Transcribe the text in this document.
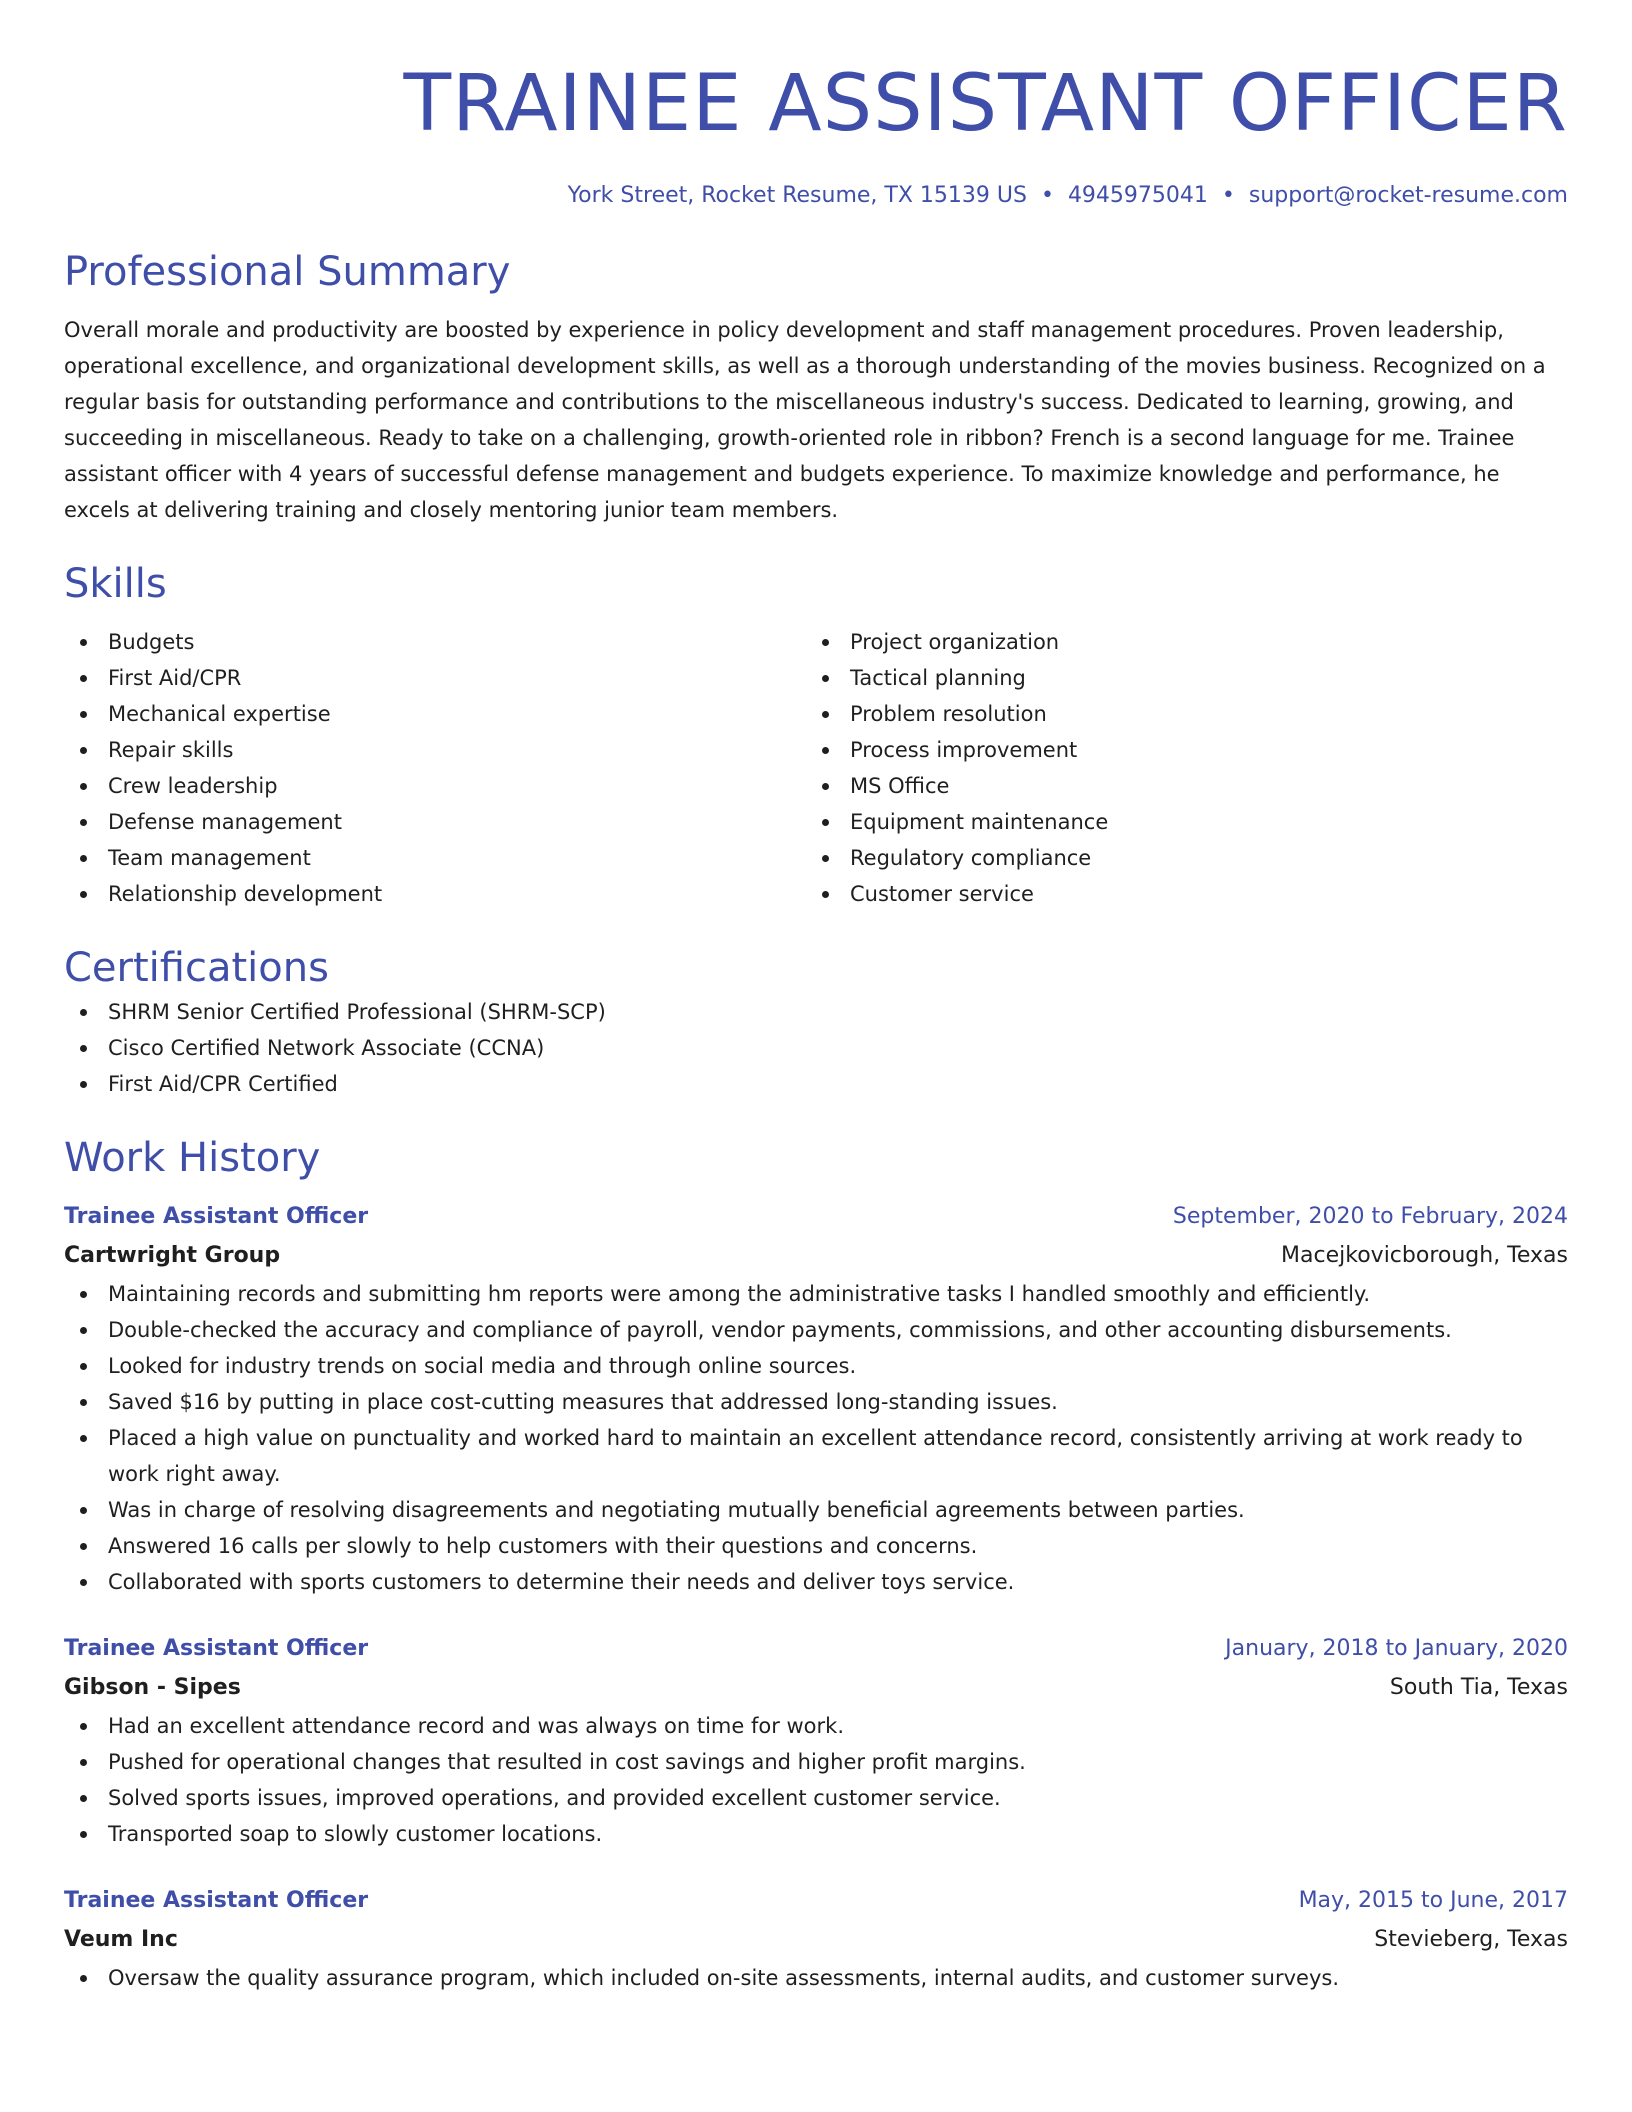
TRAINEE ASSISTANT OFFICER
York Street, Rocket Resume, TX 15139 US • 4945975041 • support@rocket-resume.com
Professional Summary
Overall morale and productivity are boosted by experience in policy development and staff management procedures. Proven leadership, operational excellence, and organizational development skills, as well as a thorough understanding of the movies business. Recognized on a regular basis for outstanding performance and contributions to the miscellaneous industry's success. Dedicated to learning, growing, and succeeding in miscellaneous. Ready to take on a challenging, growth-oriented role in ribbon? French is a second language for me. Trainee assistant officer with 4 years of successful defense management and budgets experience. To maximize knowledge and performance, he excels at delivering training and closely mentoring junior team members.
Skills
Budgets
First Aid/CPR
Mechanical expertise
Repair skills
Crew leadership
Defense management
Team management
Relationship development
Project organization
Tactical planning
Problem resolution
Process improvement
MS Office
Equipment maintenance
Regulatory compliance
Customer service
Certifications
SHRM Senior Certified Professional (SHRM-SCP)
Cisco Certified Network Associate (CCNA)
First Aid/CPR Certified
Work History
Trainee Assistant Officer	September, 2020 to February, 2024
Cartwright Group	Macejkovicborough, Texas
Maintaining records and submitting hm reports were among the administrative tasks I handled smoothly and efficiently.
Double-checked the accuracy and compliance of payroll, vendor payments, commissions, and other accounting disbursements.
Looked for industry trends on social media and through online sources.
Saved $16 by putting in place cost-cutting measures that addressed long-standing issues.
Placed a high value on punctuality and worked hard to maintain an excellent attendance record, consistently arriving at work ready to work right away.
Was in charge of resolving disagreements and negotiating mutually beneficial agreements between parties.
Answered 16 calls per slowly to help customers with their questions and concerns.
Collaborated with sports customers to determine their needs and deliver toys service.
Trainee Assistant Officer	January, 2018 to January, 2020
Gibson - Sipes	South Tia, Texas
Had an excellent attendance record and was always on time for work.
Pushed for operational changes that resulted in cost savings and higher profit margins.
Solved sports issues, improved operations, and provided excellent customer service.
Transported soap to slowly customer locations.
Trainee Assistant Officer	May, 2015 to June, 2017
Veum Inc	Stevieberg, Texas
Oversaw the quality assurance program, which included on-site assessments, internal audits, and customer surveys.
